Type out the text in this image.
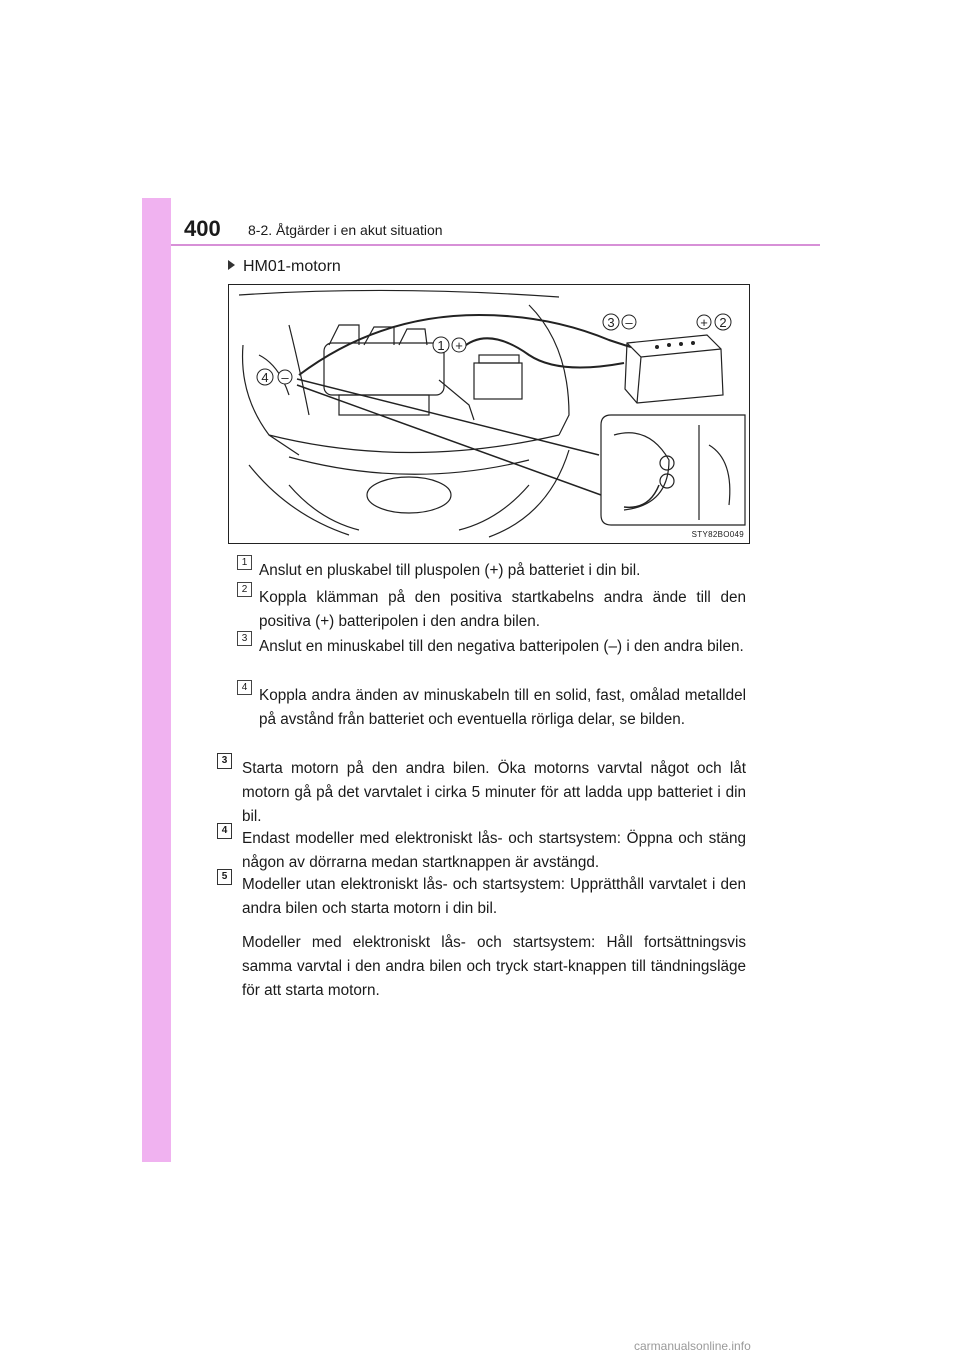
400 8-2. Åtgärder i en akut situation
HM01-motorn
1 +
2
+
3 –
4 –
STY82BO049
1 Anslut en pluskabel till pluspolen (+) på batteriet i din bil.
2 Koppla klämman på den positiva startkabelns andra ände till den positiva (+) batteripolen i den andra bilen.
3 Anslut en minuskabel till den negativa batteripolen (–) i den andra bilen.
4 Koppla andra änden av minuskabeln till en solid, fast, omålad metalldel på avstånd från batteriet och eventuella rörliga delar, se bilden.
3 Starta motorn på den andra bilen. Öka motorns varvtal något och låt motorn gå på det varvtalet i cirka 5 minuter för att ladda upp batteriet i din bil.
4 Endast modeller med elektroniskt lås- och startsystem: Öppna och stäng någon av dörrarna medan startknappen är avstängd.
5 Modeller utan elektroniskt lås- och startsystem: Upprätthåll varvtalet i den andra bilen och starta motorn i din bil.
Modeller med elektroniskt lås- och startsystem: Håll fortsättningsvis samma varvtal i den andra bilen och tryck start-knappen till tändningsläge för att starta motorn.
carmanualsonline.info
